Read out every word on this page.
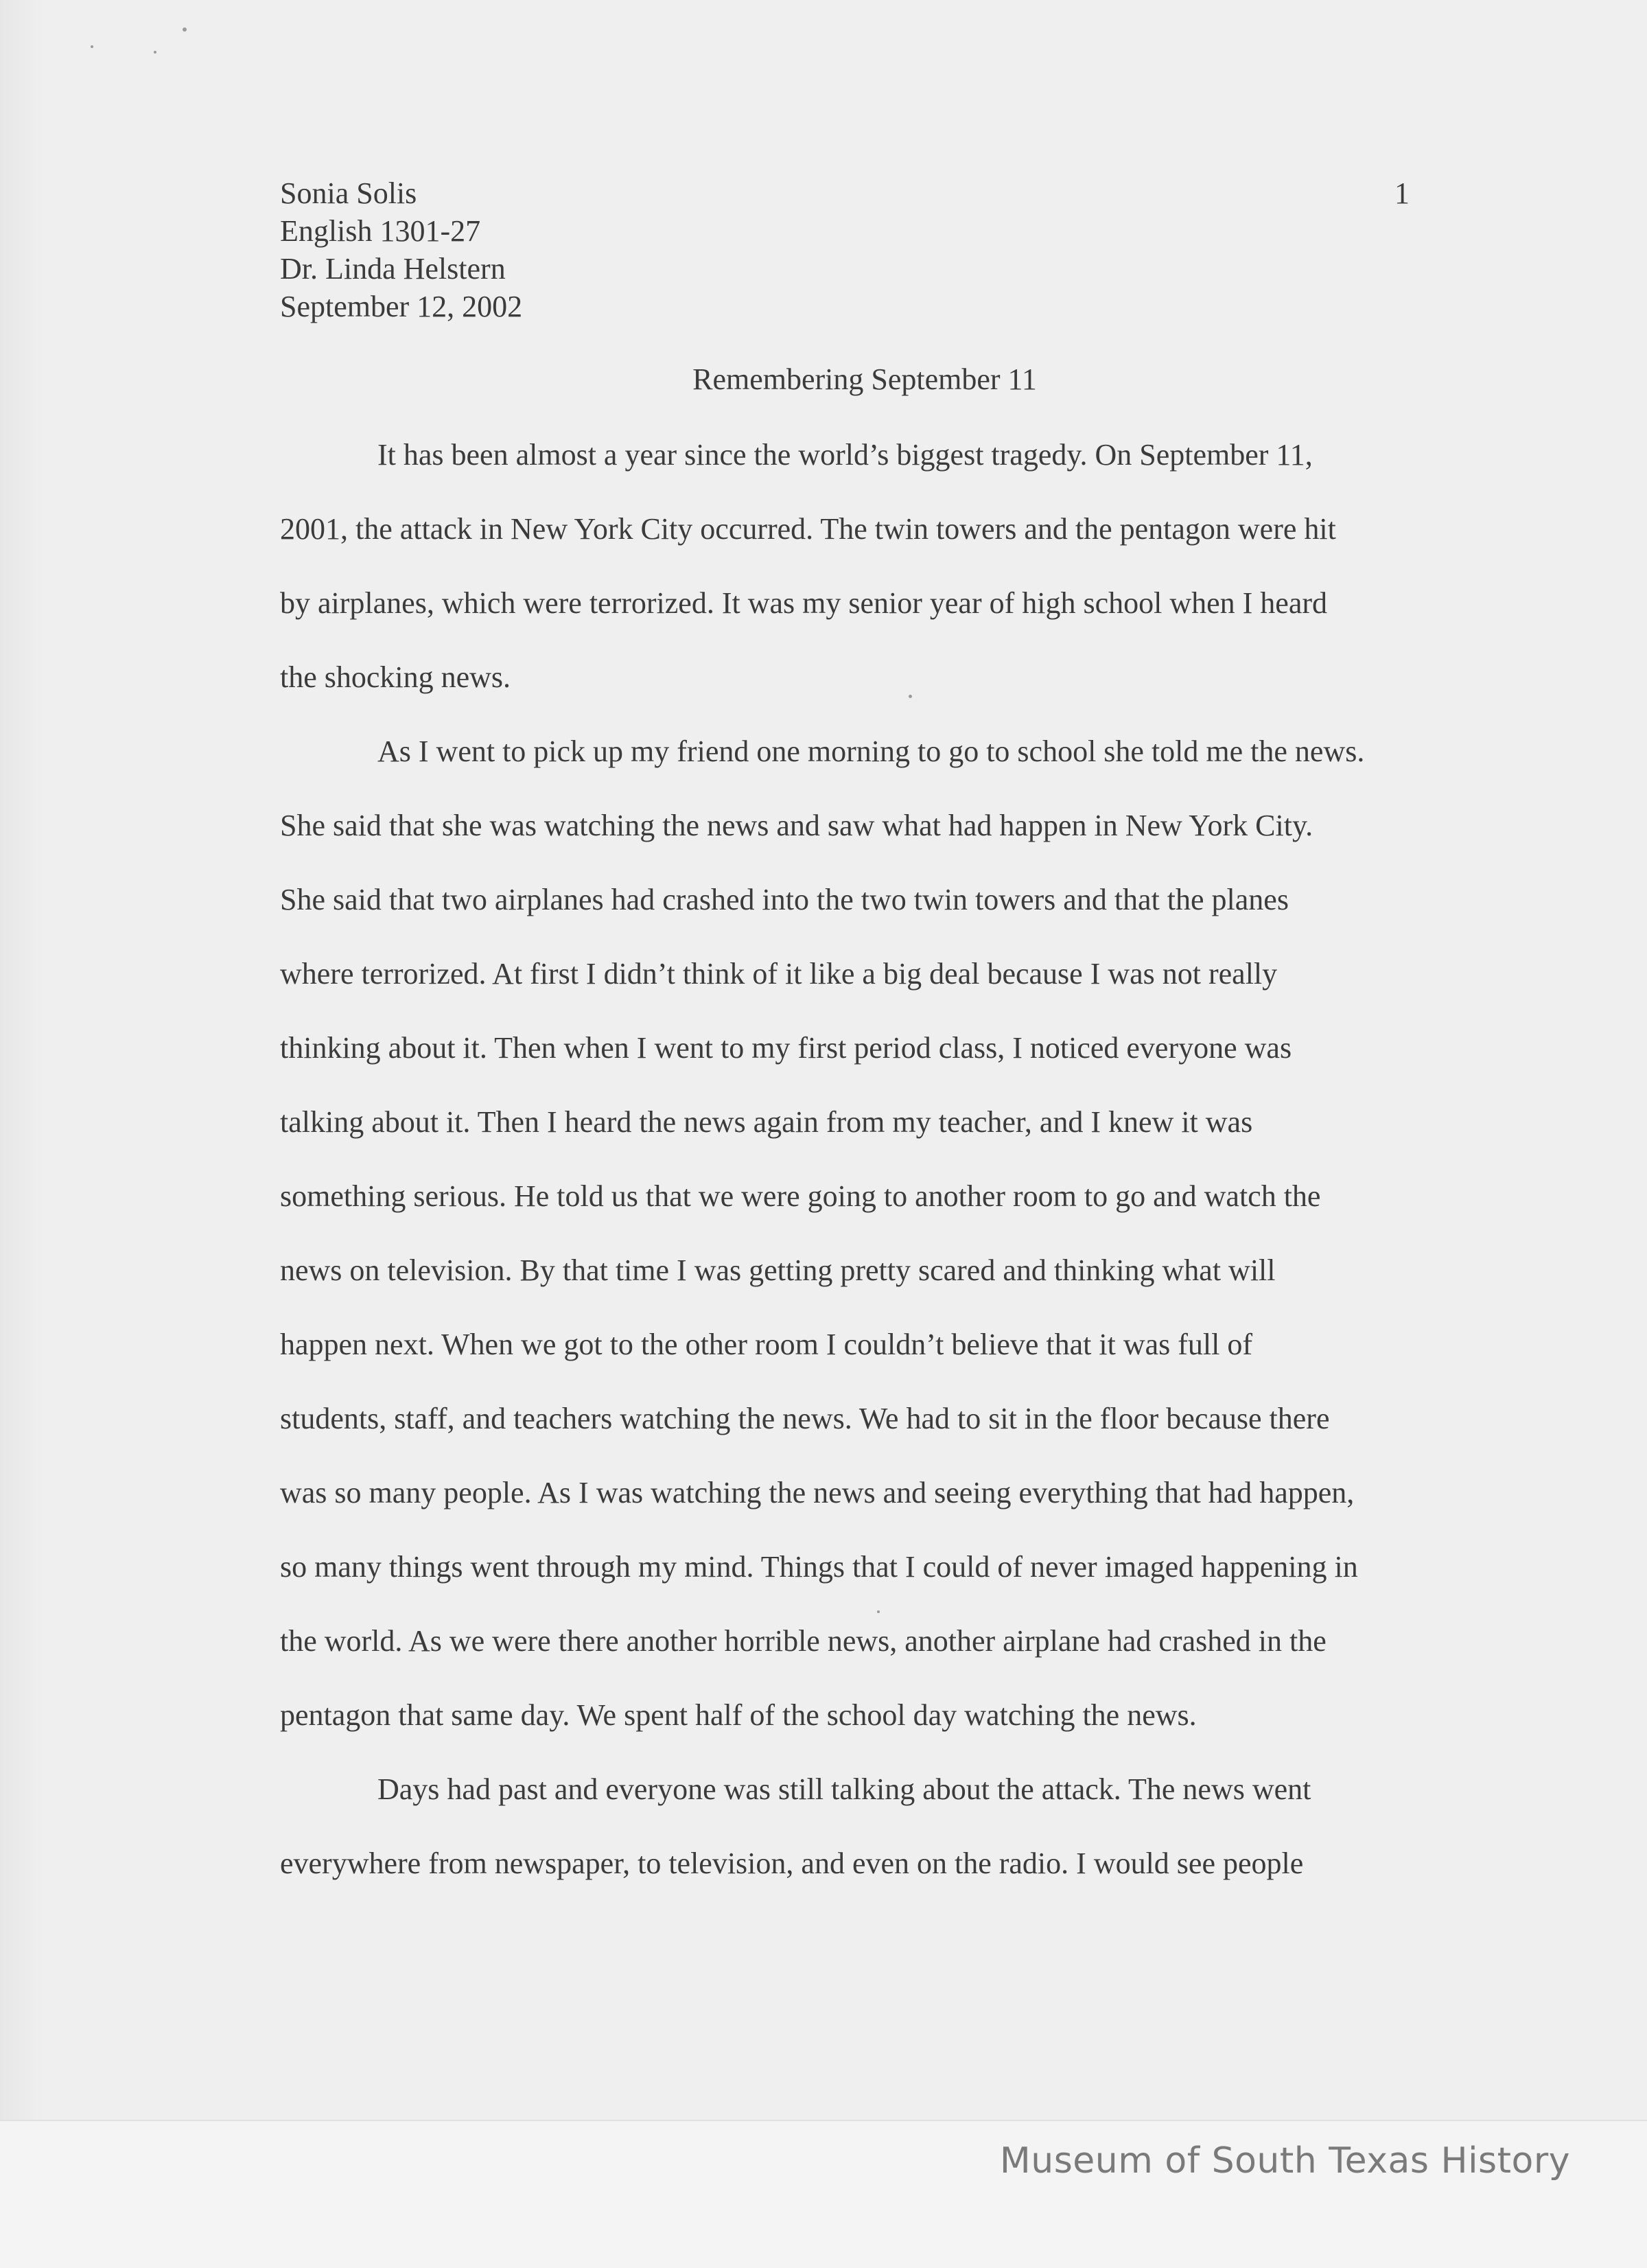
Sonia Solis
English 1301-27
Dr. Linda Helstern
September 12, 2002
1
Remembering September 11
It has been almost a year since the world’s biggest tragedy. On September 11,
2001, the attack in New York City occurred. The twin towers and the pentagon were hit
by airplanes, which were terrorized. It was my senior year of high school when I heard
the shocking news.
As I went to pick up my friend one morning to go to school she told me the news.
She said that she was watching the news and saw what had happen in New York City.
She said that two airplanes had crashed into the two twin towers and that the planes
where terrorized. At first I didn’t think of it like a big deal because I was not really
thinking about it. Then when I went to my first period class, I noticed everyone was
talking about it. Then I heard the news again from my teacher, and I knew it was
something serious. He told us that we were going to another room to go and watch the
news on television. By that time I was getting pretty scared and thinking what will
happen next. When we got to the other room I couldn’t believe that it was full of
students, staff, and teachers watching the news. We had to sit in the floor because there
was so many people. As I was watching the news and seeing everything that had happen,
so many things went through my mind. Things that I could of never imaged happening in
the world. As we were there another horrible news, another airplane had crashed in the
pentagon that same day. We spent half of the school day watching the news.
Days had past and everyone was still talking about the attack. The news went
everywhere from newspaper, to television, and even on the radio. I would see people
Museum of South Texas History
